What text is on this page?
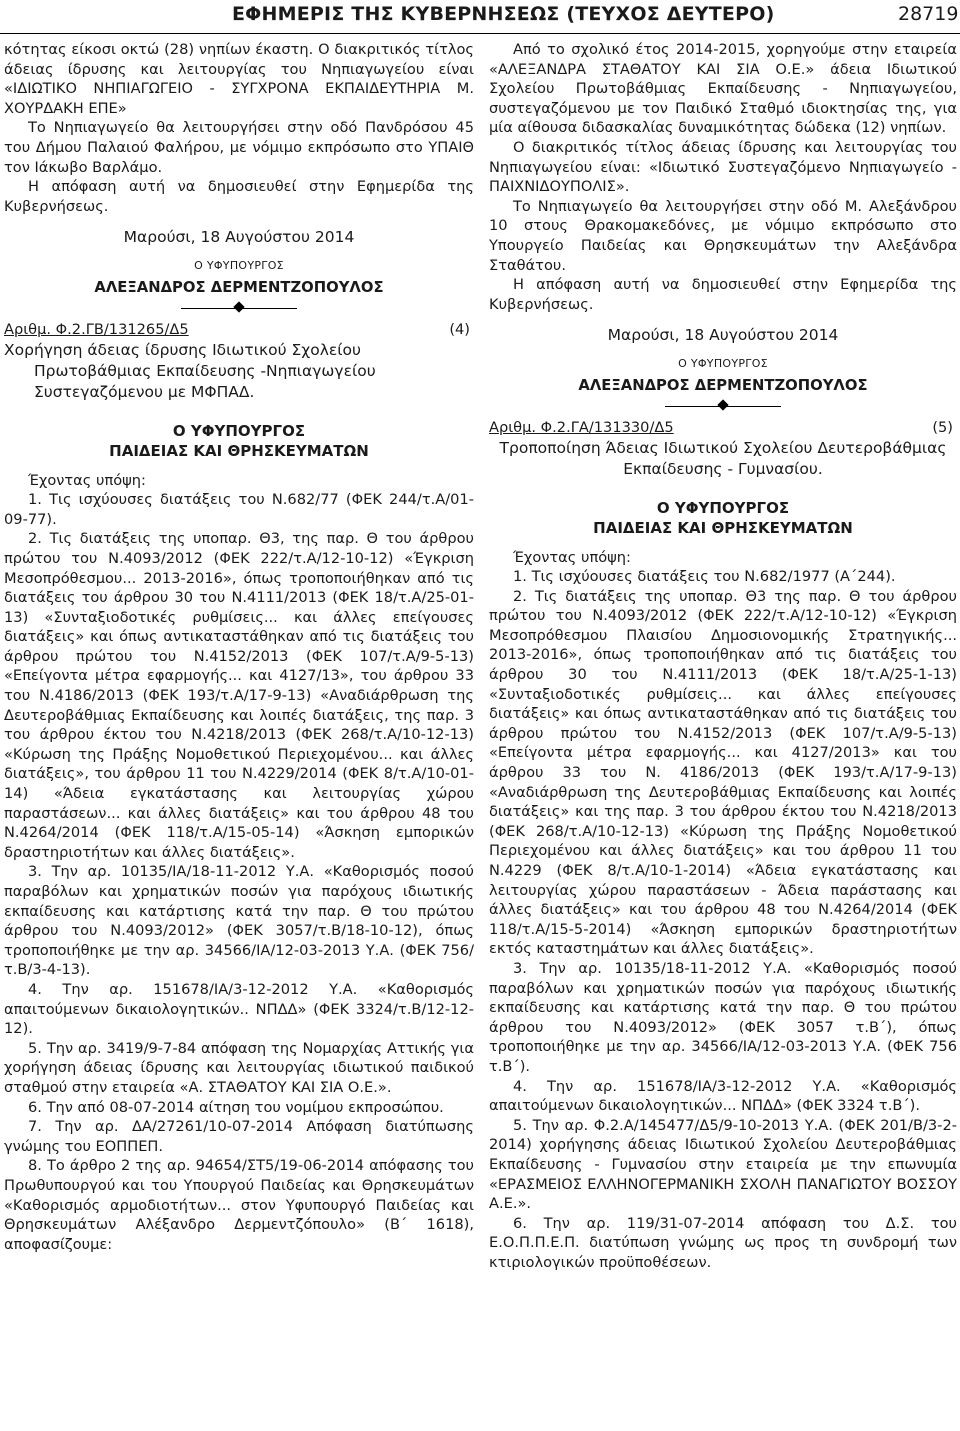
ΕΦΗΜΕΡΙΣ ΤΗΣ ΚΥΒΕΡΝΗΣΕΩΣ (ΤΕΥΧΟΣ ΔΕΥΤΕΡΟ)	28719

κότητας είκοσι οκτώ (28) νηπίων έκαστη. Ο διακριτικός τίτλος άδειας ίδρυσης και λειτουργίας του Νηπιαγωγείου είναι «ΙΔΙΩΤΙΚΟ ΝΗΠΙΑΓΩΓΕΙΟ - ΣΥΓΧΡΟΝΑ ΕΚΠΑΙΔΕΥΤΗΡΙΑ Μ. ΧΟΥΡΔΑΚΗ ΕΠΕ»

Το Νηπιαγωγείο θα λειτουργήσει στην οδό Πανδρόσου 45 του Δήμου Παλαιού Φαλήρου, με νόμιμο εκπρόσωπο στο ΥΠΑΙΘ τον Ιάκωβο Βαρλάμο.

Η απόφαση αυτή να δημοσιευθεί στην Εφημερίδα της Κυβερνήσεως.

Μαρούσι, 18 Αυγούστου 2014

Ο ΥΦΥΠΟΥΡΓΟΣ

ΑΛΕΞΑΝΔΡΟΣ ΔΕΡΜΕΝΤΖΟΠΟΥΛΟΣ

Αριθμ. Φ.2.ΓΒ/131265/Δ5	(4)

Χορήγηση άδειας ίδρυσης Ιδιωτικού Σχολείου Πρωτοβάθμιας Εκπαίδευσης -Νηπιαγωγείου Συστεγαζόμενου με ΜΦΠΑΔ.

Ο ΥΦΥΠΟΥΡΓΟΣ
ΠΑΙΔΕΙΑΣ ΚΑΙ ΘΡΗΣΚΕΥΜΑΤΩΝ

Έχοντας υπόψη:

1. Τις ισχύουσες διατάξεις του Ν.682/77 (ΦΕΚ 244/τ.Α/01-09-77).

2. Τις διατάξεις της υποπαρ. Θ3, της παρ. Θ του άρθρου πρώτου του Ν.4093/2012 (ΦΕΚ 222/τ.Α/12-10-12) «Έγκριση Μεσοπρόθεσμου... 2013-2016», όπως τροποποιήθηκαν από τις διατάξεις του άρθρου 30 του Ν.4111/2013 (ΦΕΚ 18/τ.Α/25-01-13) «Συνταξιοδοτικές ρυθμίσεις... και άλλες επείγουσες διατάξεις» και όπως αντικαταστάθηκαν από τις διατάξεις του άρθρου πρώτου του Ν.4152/2013 (ΦΕΚ 107/τ.Α/9-5-13) «Επείγοντα μέτρα εφαρμογής... και 4127/13», του άρθρου 33 του Ν.4186/2013 (ΦΕΚ 193/τ.Α/17-9-13) «Αναδιάρθρωση της Δευτεροβάθμιας Εκπαίδευσης και λοιπές διατάξεις, της παρ. 3 του άρθρου έκτου του Ν.4218/2013 (ΦΕΚ 268/τ.Α/10-12-13) «Κύρωση της Πράξης Νομοθετικού Περιεχομένου... και άλλες διατάξεις», του άρθρου 11 του Ν.4229/2014 (ΦΕΚ 8/τ.Α/10-01-14) «Άδεια εγκατάστασης και λειτουργίας χώρου παραστάσεων... και άλλες διατάξεις» και του άρθρου 48 του Ν.4264/2014 (ΦΕΚ 118/τ.Α/15-05-14) «Άσκηση εμπορικών δραστηριοτήτων και άλλες διατάξεις».

3. Την αρ. 10135/ΙΑ/18-11-2012 Υ.Α. «Καθορισμός ποσού παραβόλων και χρηματικών ποσών για παρόχους ιδιωτικής εκπαίδευσης και κατάρτισης κατά την παρ. Θ του πρώτου άρθρου του Ν.4093/2012» (ΦΕΚ 3057/τ.Β/18-10-12), όπως τροποποιήθηκε με την αρ. 34566/ΙΑ/12-03-2013 Υ.Α. (ΦΕΚ 756/τ.Β/3-4-13).

4. Την αρ. 151678/ΙΑ/3-12-2012 Υ.Α. «Καθορισμός απαιτούμενων δικαιολογητικών.. ΝΠΔΔ» (ΦΕΚ 3324/τ.Β/12-12-12).

5. Την αρ. 3419/9-7-84 απόφαση της Νομαρχίας Αττικής για χορήγηση άδειας ίδρυσης και λειτουργίας ιδιωτικού παιδικού σταθμού στην εταιρεία «Α. ΣΤΑΘΑΤΟΥ ΚΑΙ ΣΙΑ Ο.Ε.».

6. Την από 08-07-2014 αίτηση του νομίμου εκπροσώπου.

7. Την αρ. ΔΑ/27261/10-07-2014 Απόφαση διατύπωσης γνώμης του ΕΟΠΠΕΠ.

8. Το άρθρο 2 της αρ. 94654/ΣΤ5/19-06-2014 απόφασης του Πρωθυπουργού και του Υπουργού Παιδείας και Θρησκευμάτων «Καθορισμός αρμοδιοτήτων... στον Υφυπουργό Παιδείας και Θρησκευμάτων Αλέξανδρο Δερμεντζόπουλο» (Β΄ 1618), αποφασίζουμε:

Από το σχολικό έτος 2014-2015, χορηγούμε στην εταιρεία «ΑΛΕΞΑΝΔΡΑ ΣΤΑΘΑΤΟΥ ΚΑΙ ΣΙΑ Ο.Ε.» άδεια Ιδιωτικού Σχολείου Πρωτοβάθμιας Εκπαίδευσης - Νηπιαγωγείου, συστεγαζόμενου με τον Παιδικό Σταθμό ιδιοκτησίας της, για μία αίθουσα διδασκαλίας δυναμικότητας δώδεκα (12) νηπίων.

Ο διακριτικός τίτλος άδειας ίδρυσης και λειτουργίας του Νηπιαγωγείου είναι: «Ιδιωτικό Συστεγαζόμενο Νηπιαγωγείο - ΠΑΙΧΝΙΔΟΥΠΟΛΙΣ».

Το Νηπιαγωγείο θα λειτουργήσει στην οδό Μ. Αλεξάνδρου 10 στους Θρακομακεδόνες, με νόμιμο εκπρόσωπο στο Υπουργείο Παιδείας και Θρησκευμάτων την Αλεξάνδρα Σταθάτου.

Η απόφαση αυτή να δημοσιευθεί στην Εφημερίδα της Κυβερνήσεως.

Μαρούσι, 18 Αυγούστου 2014

Ο ΥΦΥΠΟΥΡΓΟΣ

ΑΛΕΞΑΝΔΡΟΣ ΔΕΡΜΕΝΤΖΟΠΟΥΛΟΣ

Αριθμ. Φ.2.ΓΑ/131330/Δ5	(5)

Τροποποίηση Άδειας Ιδιωτικού Σχολείου Δευτεροβάθμιας Εκπαίδευσης - Γυμνασίου.

Ο ΥΦΥΠΟΥΡΓΟΣ
ΠΑΙΔΕΙΑΣ ΚΑΙ ΘΡΗΣΚΕΥΜΑΤΩΝ

Έχοντας υπόψη:

1. Τις ισχύουσες διατάξεις του Ν.682/1977 (Α΄244).

2. Τις διατάξεις της υποπαρ. Θ3 της παρ. Θ του άρθρου πρώτου του Ν.4093/2012 (ΦΕΚ 222/τ.Α/12-10-12) «Έγκριση Μεσοπρόθεσμου Πλαισίου Δημοσιονομικής Στρατηγικής... 2013-2016», όπως τροποποιήθηκαν από τις διατάξεις του άρθρου 30 του Ν.4111/2013 (ΦΕΚ 18/τ.Α/25-1-13) «Συνταξιοδοτικές ρυθμίσεις... και άλλες επείγουσες διατάξεις» και όπως αντικαταστάθηκαν από τις διατάξεις του άρθρου πρώτου του Ν.4152/2013 (ΦΕΚ 107/τ.Α/9-5-13) «Επείγοντα μέτρα εφαρμογής... και 4127/2013» και του άρθρου 33 του Ν. 4186/2013 (ΦΕΚ 193/τ.Α/17-9-13) «Αναδιάρθρωση της Δευτεροβάθμιας Εκπαίδευσης και λοιπές διατάξεις» και της παρ. 3 του άρθρου έκτου του Ν.4218/2013 (ΦΕΚ 268/τ.Α/10-12-13) «Κύρωση της Πράξης Νομοθετικού Περιεχομένου και άλλες διατάξεις» και του άρθρου 11 του Ν.4229 (ΦΕΚ 8/τ.Α/10-1-2014) «Άδεια εγκατάστασης και λειτουργίας χώρου παραστάσεων - Άδεια παράστασης και άλλες διατάξεις» και του άρθρου 48 του Ν.4264/2014 (ΦΕΚ 118/τ.Α/15-5-2014) «Άσκηση εμπορικών δραστηριοτήτων εκτός καταστημάτων και άλλες διατάξεις».

3. Την αρ. 10135/18-11-2012 Υ.Α. «Καθορισμός ποσού παραβόλων και χρηματικών ποσών για παρόχους ιδιωτικής εκπαίδευσης και κατάρτισης κατά την παρ. Θ του πρώτου άρθρου του Ν.4093/2012» (ΦΕΚ 3057 τ.Β΄), όπως τροποποιήθηκε με την αρ. 34566/ΙΑ/12-03-2013 Υ.Α. (ΦΕΚ 756 τ.Β΄).

4. Την αρ. 151678/ΙΑ/3-12-2012 Υ.Α. «Καθορισμός απαιτούμενων δικαιολογητικών... ΝΠΔΔ» (ΦΕΚ 3324 τ.Β΄).

5. Την αρ. Φ.2.Α/145477/Δ5/9-10-2013 Υ.Α. (ΦΕΚ 201/Β/3-2-2014) χορήγησης άδειας Ιδιωτικού Σχολείου Δευτεροβάθμιας Εκπαίδευσης - Γυμνασίου στην εταιρεία με την επωνυμία «ΕΡΑΣΜΕΙΟΣ ΕΛΛΗΝΟΓΕΡΜΑΝΙΚΗ ΣΧΟΛΗ ΠΑΝΑΓΙΩΤΟΥ ΒΟΣΣΟΥ Α.Ε.».

6. Την αρ. 119/31-07-2014 απόφαση του Δ.Σ. του Ε.Ο.Π.Π.Ε.Π. διατύπωση γνώμης ως προς τη συνδρομή των κτιριολογικών προϋποθέσεων.
